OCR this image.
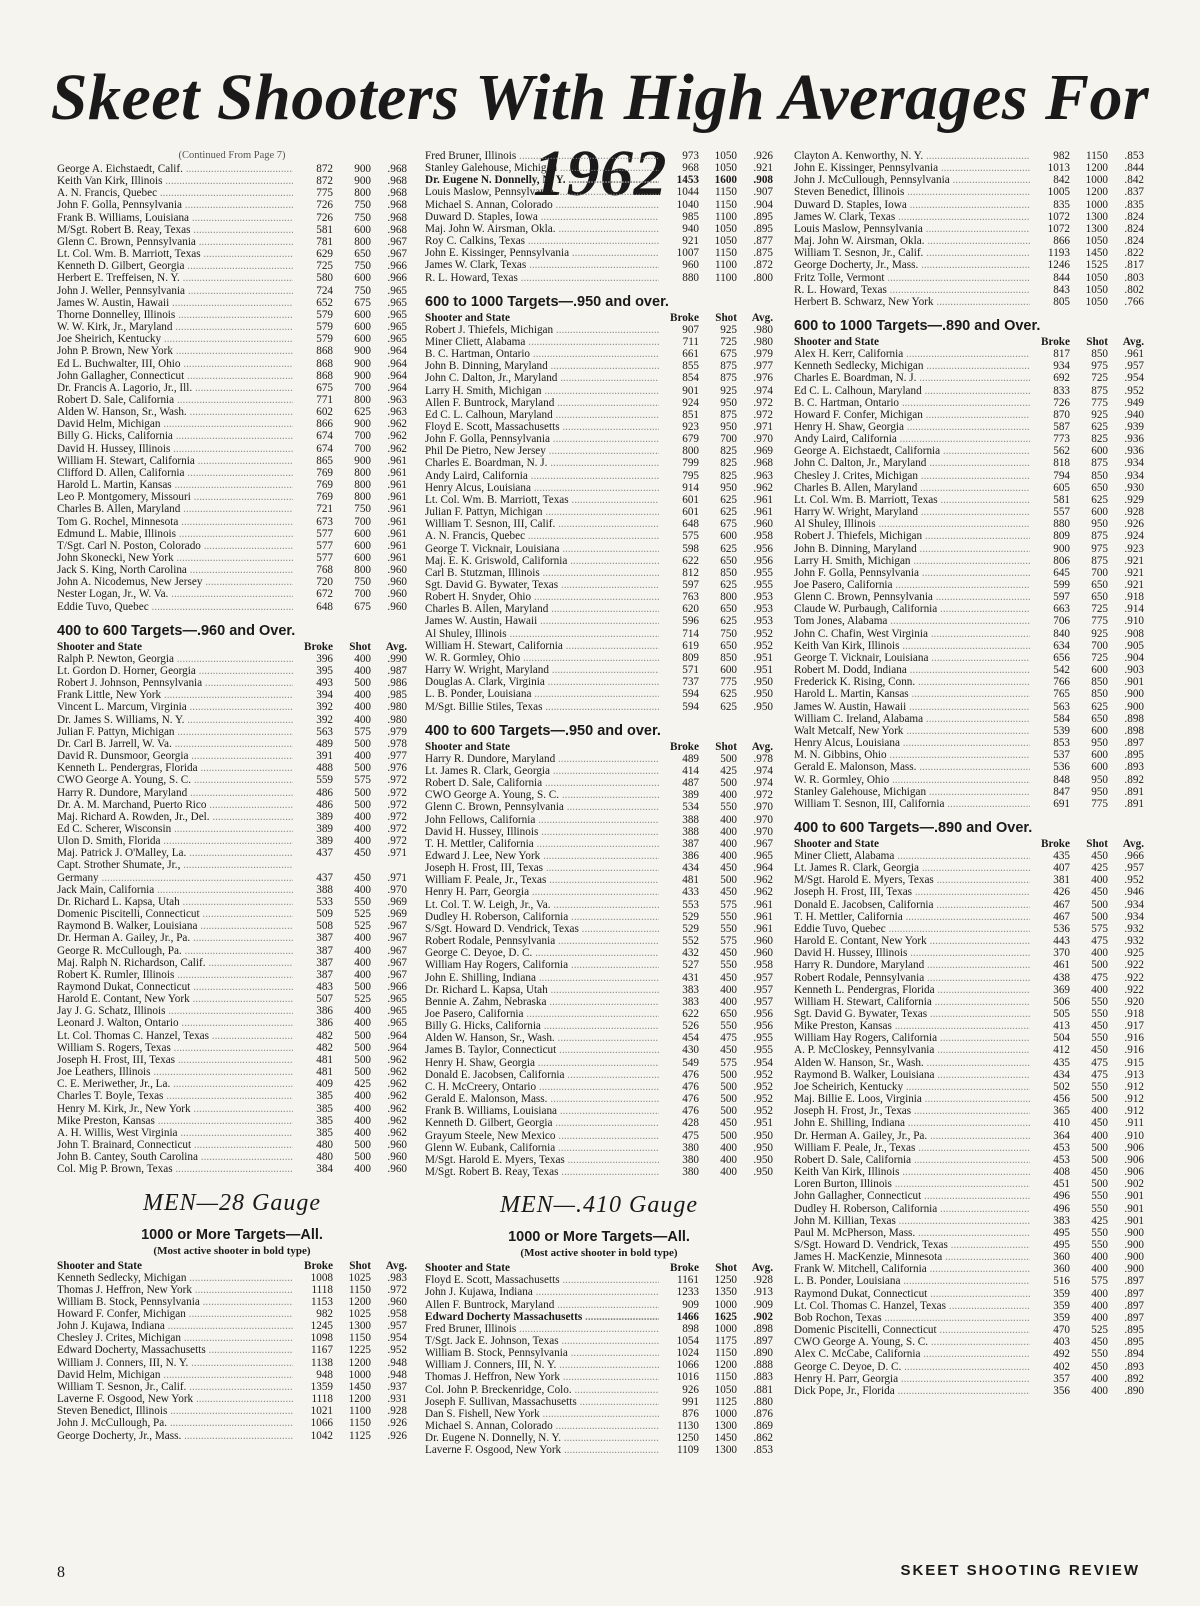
Skeet Shooters With High Averages For 1962
(Continued From Page 7)
George A. Eichstaedt, Calif. .....	872	900	.968
Keith Van Kirk, Illinois .....	872	900	.968
A. N. Francis, Quebec .....	775	800	.968
John F. Golla, Pennsylvania .....	726	750	.968
Frank B. Williams, Louisiana .....	726	750	.968
M/Sgt. Robert B. Reay, Texas .....	581	600	.968
Glenn C. Brown, Pennsylvania .....	781	800	.967
Lt. Col. Wm. B. Marriott, Texas .....	629	650	.967
Kenneth D. Gilbert, Georgia .....	725	750	.966
Herbert E. Treffeisen, N. Y. .....	580	600	.966
John J. Weller, Pennsylvania .....	724	750	.965
James W. Austin, Hawaii .....	652	675	.965
Thorne Donnelley, Illinois .....	579	600	.965
W. W. Kirk, Jr., Maryland .....	579	600	.965
Joe Sheirich, Kentucky .....	579	600	.965
John P. Brown, New York .....	868	900	.964
Ed L. Buchwalter, III, Ohio .....	868	900	.964
John Gallagher, Connecticut .....	868	900	.964
Dr. Francis A. Lagorio, Jr., Ill. .....	675	700	.964
Robert D. Sale, California .....	771	800	.963
Alden W. Hanson, Sr., Wash. .....	602	625	.963
David Helm, Michigan .....	866	900	.962
Billy G. Hicks, California .....	674	700	.962
David H. Hussey, Illinois .....	674	700	.962
William H. Stewart, California .....	865	900	.961
Clifford D. Allen, California .....	769	800	.961
Harold L. Martin, Kansas .....	769	800	.961
Leo P. Montgomery, Missouri .....	769	800	.961
Charles B. Allen, Maryland .....	721	750	.961
Tom G. Rochel, Minnesota .....	673	700	.961
Edmund L. Mabie, Illinois .....	577	600	.961
T/Sgt. Carl N. Poston, Colorado .....	577	600	.961
John Skonecki, New York .....	577	600	.961
Jack S. King, North Carolina .....	768	800	.960
John A. Nicodemus, New Jersey .....	720	750	.960
Nester Logan, Jr., W. Va. .....	672	700	.960
Eddie Tuvo, Quebec .....	648	675	.960
400 to 600 Targets—.960 and Over.
Shooter and State	Broke	Shot	Avg.
Ralph P. Newton, Georgia .....	396	400	.990
Lt. Gordon D. Horner, Georgia .....	395	400	.987
Robert J. Johnson, Pennsylvania .....	493	500	.986
Frank Little, New York .....	394	400	.985
Vincent L. Marcum, Virginia .....	392	400	.980
Dr. James S. Williams, N. Y. .....	392	400	.980
Julian F. Pattyn, Michigan .....	563	575	.979
Dr. Carl B. Jarrell, W. Va. .....	489	500	.978
David R. Dunsmoor, Georgia .....	391	400	.977
Kenneth L. Pendergras, Florida .....	488	500	.976
CWO George A. Young, S. C. .....	559	575	.972
Harry R. Dundore, Maryland .....	486	500	.972
Dr. A. M. Marchand, Puerto Rico .....	486	500	.972
Maj. Richard A. Rowden, Jr., Del. .....	389	400	.972
Ed C. Scherer, Wisconsin .....	389	400	.972
Ulon D. Smith, Florida .....	389	400	.972
Maj. Patrick J. O'Malley, La. .....	437	450	.971
Capt. Strother Shumate, Jr., .....
Germany .....	437	450	.971
Jack Main, California .....	388	400	.970
Dr. Richard L. Kapsa, Utah .....	533	550	.969
Domenic Piscitelli, Connecticut .....	509	525	.969
Raymond B. Walker, Louisiana .....	508	525	.967
Dr. Herman A. Gailey, Jr., Pa. .....	387	400	.967
George R. McCullough, Pa. .....	387	400	.967
Maj. Ralph N. Richardson, Calif. .....	387	400	.967
Robert K. Rumler, Illinois .....	387	400	.967
Raymond Dukat, Connecticut .....	483	500	.966
Harold E. Contant, New York .....	507	525	.965
Jay J. G. Schatz, Illinois .....	386	400	.965
Leonard J. Walton, Ontario .....	386	400	.965
Lt. Col. Thomas C. Hanzel, Texas .....	482	500	.964
William S. Rogers, Texas .....	482	500	.964
Joseph H. Frost, III, Texas .....	481	500	.962
Joe Leathers, Illinois .....	481	500	.962
C. E. Meriwether, Jr., La. .....	409	425	.962
Charles T. Boyle, Texas .....	385	400	.962
Henry M. Kirk, Jr., New York .....	385	400	.962
Mike Preston, Kansas .....	385	400	.962
A. H. Willis, West Virginia .....	385	400	.962
John T. Brainard, Connecticut .....	480	500	.960
John B. Cantey, South Carolina .....	480	500	.960
Col. Mig P. Brown, Texas .....	384	400	.960
MEN—28 Gauge
1000 or More Targets—All.
(Most active shooter in bold type)
Shooter and State	Broke	Shot	Avg.
Kenneth Sedlecky, Michigan .....	1008	1025	.983
Thomas J. Heffron, New York .....	1118	1150	.972
William B. Stock, Pennsylvania .....	1153	1200	.960
Howard F. Confer, Michigan .....	982	1025	.958
John J. Kujawa, Indiana .....	1245	1300	.957
Chesley J. Crites, Michigan .....	1098	1150	.954
Edward Docherty, Massachusetts .....	1167	1225	.952
William J. Conners, III, N. Y. .....	1138	1200	.948
David Helm, Michigan .....	948	1000	.948
William T. Sesnon, Jr., Calif. .....	1359	1450	.937
Laverne F. Osgood, New York .....	1118	1200	.931
Steven Benedict, Illinois .....	1021	1100	.928
John J. McCullough, Pa. .....	1066	1150	.926
George Docherty, Jr., Mass. .....	1042	1125	.926
Fred Bruner, Illinois .....	973	1050	.926
Stanley Galehouse, Michigan .....	968	1050	.921
Dr. Eugene N. Donnelly, N. Y. .....	1453	1600	.908
Louis Maslow, Pennsylvania .....	1044	1150	.907
Michael S. Annan, Colorado .....	1040	1150	.904
Duward D. Staples, Iowa .....	985	1100	.895
Maj. John W. Airsman, Okla. .....	940	1050	.895
Roy C. Calkins, Texas .....	921	1050	.877
John E. Kissinger, Pennsylvania .....	1007	1150	.875
James W. Clark, Texas .....	960	1100	.872
R. L. Howard, Texas .....	880	1100	.800
600 to 1000 Targets—.950 and over.
Shooter and State	Broke	Shot	Avg.
Robert J. Thiefels, Michigan .....	907	925	.980
Miner Cliett, Alabama .....	711	725	.980
B. C. Hartman, Ontario .....	661	675	.979
John B. Dinning, Maryland .....	855	875	.977
John C. Dalton, Jr., Maryland .....	854	875	.976
Larry H. Smith, Michigan .....	901	925	.974
Allen F. Buntrock, Maryland .....	924	950	.972
Ed C. L. Calhoun, Maryland .....	851	875	.972
Floyd E. Scott, Massachusetts .....	923	950	.971
John F. Golla, Pennsylvania .....	679	700	.970
Phil De Pietro, New Jersey .....	800	825	.969
Charles E. Boardman, N. J. .....	799	825	.968
Andy Laird, California .....	795	825	.963
Henry Alcus, Louisiana .....	914	950	.962
Lt. Col. Wm. B. Marriott, Texas .....	601	625	.961
Julian F. Pattyn, Michigan .....	601	625	.961
William T. Sesnon, III, Calif. .....	648	675	.960
A. N. Francis, Quebec .....	575	600	.958
George T. Vicknair, Louisiana .....	598	625	.956
Maj. E. K. Griswold, California .....	622	650	.956
Carl B. Stutzman, Illinois .....	812	850	.955
Sgt. David G. Bywater, Texas .....	597	625	.955
Robert H. Snyder, Ohio .....	763	800	.953
Charles B. Allen, Maryland .....	620	650	.953
James W. Austin, Hawaii .....	596	625	.953
Al Shuley, Illinois .....	714	750	.952
William H. Stewart, California .....	619	650	.952
W. R. Gormley, Ohio .....	809	850	.951
Harry W. Wright, Maryland .....	571	600	.951
Douglas A. Clark, Virginia .....	737	775	.950
L. B. Ponder, Louisiana .....	594	625	.950
M/Sgt. Billie Stiles, Texas .....	594	625	.950
400 to 600 Targets—.950 and over.
Shooter and State	Broke	Shot	Avg.
Harry R. Dundore, Maryland .....	489	500	.978
Lt. James R. Clark, Georgia .....	414	425	.974
Robert D. Sale, California .....	487	500	.974
CWO George A. Young, S. C. .....	389	400	.972
Glenn C. Brown, Pennsylvania .....	534	550	.970
John Fellows, California .....	388	400	.970
David H. Hussey, Illinois .....	388	400	.970
T. H. Mettler, California .....	387	400	.967
Edward J. Lee, New York .....	386	400	.965
Joseph H. Frost, III, Texas .....	434	450	.964
William F. Peale, Jr., Texas .....	481	500	.962
Henry H. Parr, Georgia .....	433	450	.962
Lt. Col. T. W. Leigh, Jr., Va. .....	553	575	.961
Dudley H. Roberson, California .....	529	550	.961
S/Sgt. Howard D. Vendrick, Texas .....	529	550	.961
Robert Rodale, Pennsylvania .....	552	575	.960
George C. Deyoe, D. C. .....	432	450	.960
William Hay Rogers, California .....	527	550	.958
John E. Shilling, Indiana .....	431	450	.957
Dr. Richard L. Kapsa, Utah .....	383	400	.957
Bennie A. Zahm, Nebraska .....	383	400	.957
Joe Pasero, California .....	622	650	.956
Billy G. Hicks, California .....	526	550	.956
Alden W. Hanson, Sr., Wash. .....	454	475	.955
James B. Taylor, Connecticut .....	430	450	.955
Henry H. Shaw, Georgia .....	549	575	.954
Donald E. Jacobsen, California .....	476	500	.952
C. H. McCreery, Ontario .....	476	500	.952
Gerald E. Malonson, Mass. .....	476	500	.952
Frank B. Williams, Louisiana .....	476	500	.952
Kenneth D. Gilbert, Georgia .....	428	450	.951
Grayum Steele, New Mexico .....	475	500	.950
Glenn W. Eubank, California .....	380	400	.950
M/Sgt. Harold E. Myers, Texas .....	380	400	.950
M/Sgt. Robert B. Reay, Texas .....	380	400	.950
MEN—.410 Gauge
1000 or More Targets—All.
(Most active shooter in bold type)
Shooter and State	Broke	Shot	Avg.
Floyd E. Scott, Massachusetts .....	1161	1250	.928
John J. Kujawa, Indiana .....	1233	1350	.913
Allen F. Buntrock, Maryland .....	909	1000	.909
Edward Docherty Massachusetts .....	1466	1625	.902
Fred Bruner, Illinois .....	898	1000	.898
T/Sgt. Jack E. Johnson, Texas .....	1054	1175	.897
William B. Stock, Pennsylvania .....	1024	1150	.890
William J. Conners, III, N. Y. .....	1066	1200	.888
Thomas J. Heffron, New York .....	1016	1150	.883
Col. John P. Breckenridge, Colo. .....	926	1050	.881
Joseph F. Sullivan, Massachusetts .....	991	1125	.880
Dan S. Fishell, New York .....	876	1000	.876
Michael S. Annan, Colorado .....	1130	1300	.869
Dr. Eugene N. Donnelly, N. Y. .....	1250	1450	.862
Laverne F. Osgood, New York .....	1109	1300	.853
Clayton A. Kenworthy, N. Y. .....	982	1150	.853
John E. Kissinger, Pennsylvania .....	1013	1200	.844
John J. McCullough, Pennsylvania .....	842	1000	.842
Steven Benedict, Illinois .....	1005	1200	.837
Duward D. Staples, Iowa .....	835	1000	.835
James W. Clark, Texas .....	1072	1300	.824
Louis Maslow, Pennsylvania .....	1072	1300	.824
Maj. John W. Airsman, Okla. .....	866	1050	.824
William T. Sesnon, Jr., Calif. .....	1193	1450	.822
George Docherty, Jr., Mass. .....	1246	1525	.817
Fritz Tolle, Vermont .....	844	1050	.803
R. L. Howard, Texas .....	843	1050	.802
Herbert B. Schwarz, New York .....	805	1050	.766
600 to 1000 Targets—.890 and Over.
Shooter and State	Broke	Shot	Avg.
Alex H. Kerr, California .....	817	850	.961
Kenneth Sedlecky, Michigan .....	934	975	.957
Charles E. Boardman, N. J. .....	692	725	.954
Ed C. L. Calhoun, Maryland .....	833	875	.952
B. C. Hartman, Ontario .....	726	775	.949
Howard F. Confer, Michigan .....	870	925	.940
Henry H. Shaw, Georgia .....	587	625	.939
Andy Laird, California .....	773	825	.936
George A. Eichstaedt, California .....	562	600	.936
John C. Dalton, Jr., Maryland .....	818	875	.934
Chesley J. Crites, Michigan .....	794	850	.934
Charles B. Allen, Maryland .....	605	650	.930
Lt. Col. Wm. B. Marriott, Texas .....	581	625	.929
Harry W. Wright, Maryland .....	557	600	.928
Al Shuley, Illinois .....	880	950	.926
Robert J. Thiefels, Michigan .....	809	875	.924
John B. Dinning, Maryland .....	900	975	.923
Larry H. Smith, Michigan .....	806	875	.921
John F. Golla, Pennsylvania .....	645	700	.921
Joe Pasero, California .....	599	650	.921
Glenn C. Brown, Pennsylvania .....	597	650	.918
Claude W. Purbaugh, California .....	663	725	.914
Tom Jones, Alabama .....	706	775	.910
John C. Chafin, West Virginia .....	840	925	.908
Keith Van Kirk, Illinois .....	634	700	.905
George T. Vicknair, Louisiana .....	656	725	.904
Robert M. Dodd, Indiana .....	542	600	.903
Frederick K. Rising, Conn. .....	766	850	.901
Harold L. Martin, Kansas .....	765	850	.900
James W. Austin, Hawaii .....	563	625	.900
William C. Ireland, Alabama .....	584	650	.898
Walt Metcalf, New York .....	539	600	.898
Henry Alcus, Louisiana .....	853	950	.897
M. N. Gibbins, Ohio .....	537	600	.895
Gerald E. Malonson, Mass. .....	536	600	.893
W. R. Gormley, Ohio .....	848	950	.892
Stanley Galehouse, Michigan .....	847	950	.891
William T. Sesnon, III, California .....	691	775	.891
400 to 600 Targets—.890 and Over.
Shooter and State	Broke	Shot	Avg.
Miner Cliett, Alabama .....	435	450	.966
Lt. James R. Clark, Georgia .....	407	425	.957
M/Sgt. Harold E. Myers, Texas .....	381	400	.952
Joseph H. Frost, III, Texas .....	426	450	.946
Donald E. Jacobsen, California .....	467	500	.934
T. H. Mettler, California .....	467	500	.934
Eddie Tuvo, Quebec .....	536	575	.932
Harold E. Contant, New York .....	443	475	.932
David H. Hussey, Illinois .....	370	400	.925
Harry R. Dundore, Maryland .....	461	500	.922
Robert Rodale, Pennsylvania .....	438	475	.922
Kenneth L. Pendergras, Florida .....	369	400	.922
William H. Stewart, California .....	506	550	.920
Sgt. David G. Bywater, Texas .....	505	550	.918
Mike Preston, Kansas .....	413	450	.917
William Hay Rogers, California .....	504	550	.916
A. P. McCloskey, Pennsylvania .....	412	450	.916
Alden W. Hanson, Sr., Wash. .....	435	475	.915
Raymond B. Walker, Louisiana .....	434	475	.913
Joe Scheirich, Kentucky .....	502	550	.912
Maj. Billie E. Loos, Virginia .....	456	500	.912
Joseph H. Frost, Jr., Texas .....	365	400	.912
John E. Shilling, Indiana .....	410	450	.911
Dr. Herman A. Gailey, Jr., Pa. .....	364	400	.910
William F. Peale, Jr., Texas .....	453	500	.906
Robert D. Sale, California .....	453	500	.906
Keith Van Kirk, Illinois .....	408	450	.906
Loren Burton, Illinois .....	451	500	.902
John Gallagher, Connecticut .....	496	550	.901
Dudley H. Roberson, California .....	496	550	.901
John M. Killian, Texas .....	383	425	.901
Paul M. McPherson, Mass. .....	495	550	.900
S/Sgt. Howard D. Vendrick, Texas .....	495	550	.900
James H. MacKenzie, Minnesota .....	360	400	.900
Frank W. Mitchell, California .....	360	400	.900
L. B. Ponder, Louisiana .....	516	575	.897
Raymond Dukat, Connecticut .....	359	400	.897
Lt. Col. Thomas C. Hanzel, Texas .....	359	400	.897
Bob Rochon, Texas .....	359	400	.897
Domenic Piscitelli, Connecticut .....	470	525	.895
CWO George A. Young, S. C. .....	403	450	.895
Alex C. McCabe, California .....	492	550	.894
George C. Deyoe, D. C. .....	402	450	.893
Henry H. Parr, Georgia .....	357	400	.892
Dick Pope, Jr., Florida .....	356	400	.890
8	SKEET SHOOTING REVIEW
